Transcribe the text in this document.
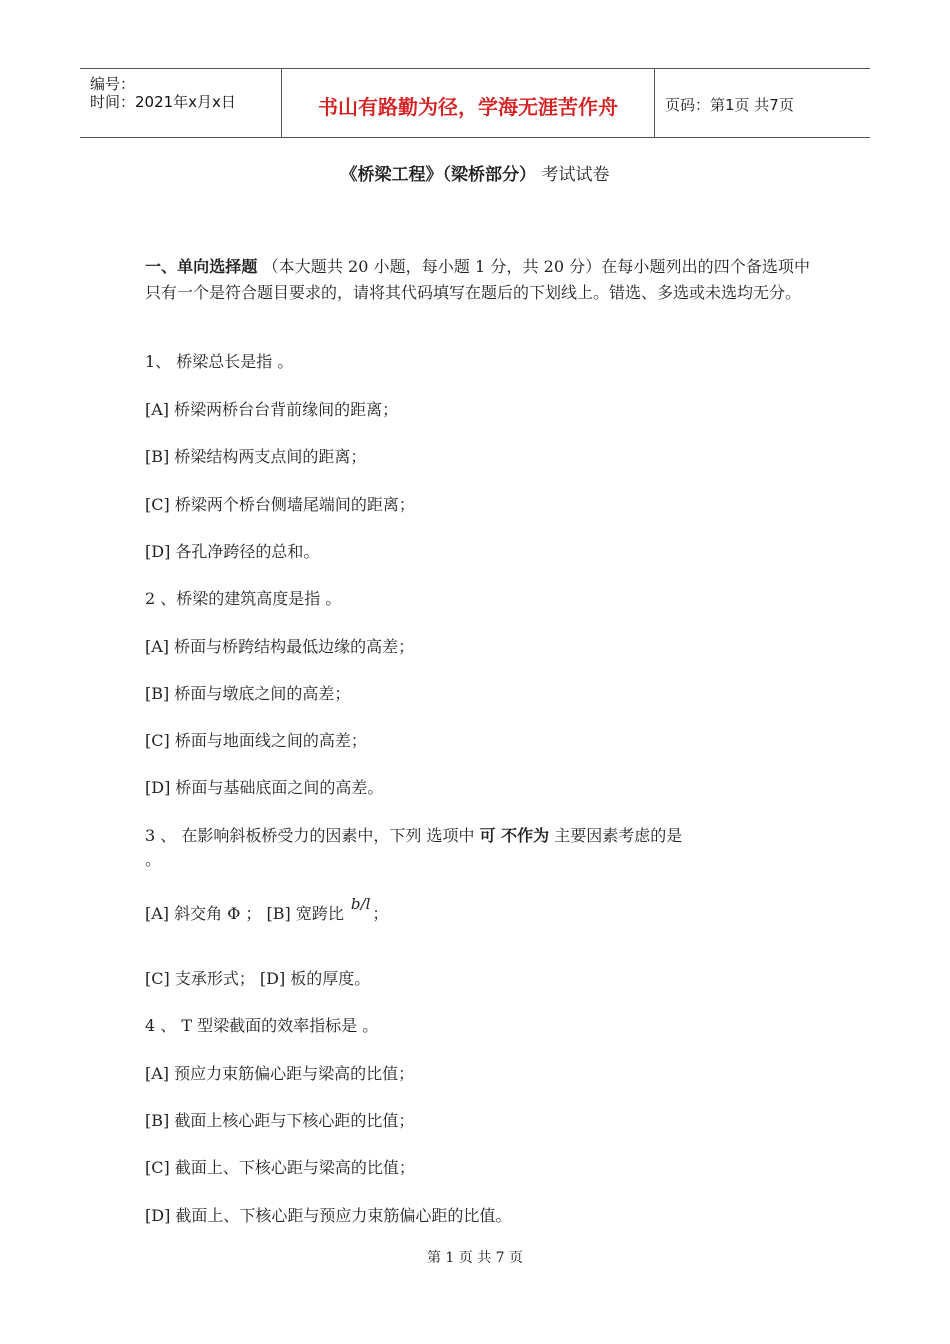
编号：
时间：2021年x月x日	书山有路勤为径，学海无涯苦作舟	页码：第1页 共7页
《桥梁工程》（梁桥部分） 考试试卷

一、单向选择题 （本大题共 20 小题，每小题 1 分，共 20 分）在每小题列出的四个备选项中只有一个是符合题目要求的，请将其代码填写在题后的下划线上。错选、多选或未选均无分。

1、 桥梁总长是指 。
[A] 桥梁两桥台台背前缘间的距离；
[B] 桥梁结构两支点间的距离；
[C] 桥梁两个桥台侧墙尾端间的距离；
[D] 各孔净跨径的总和。
2 、桥梁的建筑高度是指 。
[A] 桥面与桥跨结构最低边缘的高差；
[B] 桥面与墩底之间的高差；
[C] 桥面与地面线之间的高差；
[D] 桥面与基础底面之间的高差。
3 、 在影响斜板桥受力的因素中，下列 选项中 可 不作为 主要因素考虑的是
。
[A] 斜交角 Φ ； [B] 宽跨比 b/l ；
[C] 支承形式； [D] 板的厚度。
4 、 T 型梁截面的效率指标是 。
[A] 预应力束筋偏心距与梁高的比值；
[B] 截面上核心距与下核心距的比值；
[C] 截面上、下核心距与梁高的比值；
[D] 截面上、下核心距与预应力束筋偏心距的比值。
第 1 页 共 7 页
